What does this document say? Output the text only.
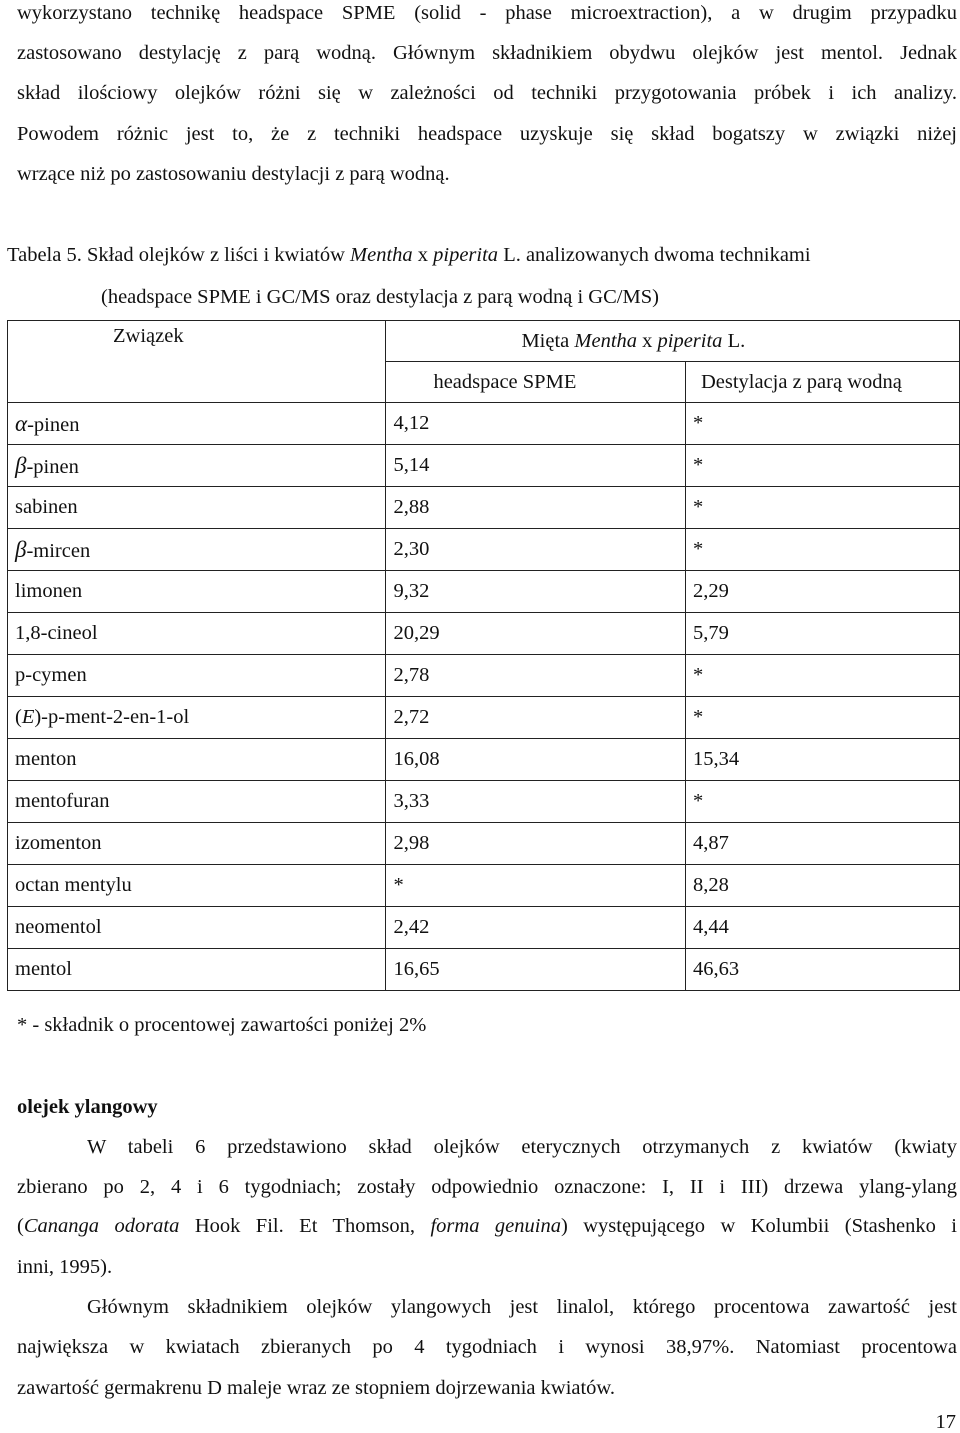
wykorzystano technikę headspace SPME (solid - phase microextraction), a w drugim przypadku
zastosowano destylację z parą wodną. Głównym składnikiem obydwu olejków jest mentol. Jednak
skład ilościowy olejków różni się w zależności od techniki przygotowania próbek i ich analizy.
Powodem różnic jest to, że z techniki headspace uzyskuje się skład bogatszy w związki niżej
wrzące niż po zastosowaniu destylacji z parą wodną.
Tabela 5. Skład olejków z liści i kwiatów Mentha x piperita L. analizowanych dwoma technikami
(headspace SPME i GC/MS oraz destylacja z parą wodną i GC/MS)
Związek	Mięta Mentha x piperita L.	
	headspace SPME	Destylacja z parą wodną
α-pinen	4,12	*
β-pinen	5,14	*
sabinen	2,88	*
β-mircen	2,30	*
limonen	9,32	2,29
1,8-cineol	20,29	5,79
p-cymen	2,78	*
(E)-p-ment-2-en-1-ol	2,72	*
menton	16,08	15,34
mentofuran	3,33	*
izomenton	2,98	4,87
octan mentylu	*	8,28
neomentol	2,42	4,44
mentol	16,65	46,63
* - składnik o procentowej zawartości poniżej 2%
olejek ylangowy
W tabeli 6 przedstawiono skład olejków eterycznych otrzymanych z kwiatów (kwiaty
zbierano po 2, 4 i 6 tygodniach; zostały odpowiednio oznaczone: I, II i III) drzewa ylang-ylang
(Cananga odorata Hook Fil. Et Thomson, forma genuina) występującego w Kolumbii (Stashenko i
inni, 1995).
Głównym składnikiem olejków ylangowych jest linalol, którego procentowa zawartość jest
największa w kwiatach zbieranych po 4 tygodniach i wynosi 38,97%. Natomiast procentowa
zawartość germakrenu D maleje wraz ze stopniem dojrzewania kwiatów.
17
